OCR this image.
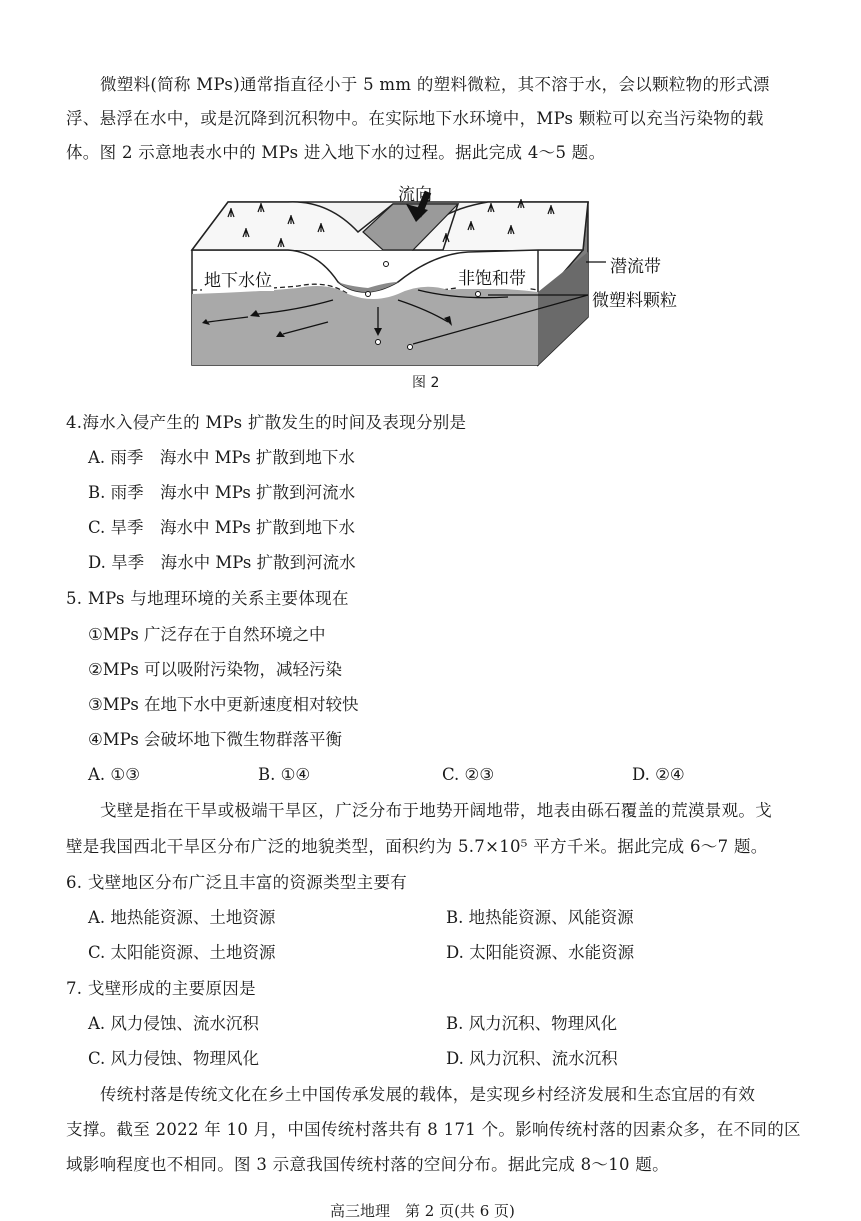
微塑料(简称 MPs)通常指直径小于 5 mm 的塑料微粒，其不溶于水，会以颗粒物的形式漂
浮、悬浮在水中，或是沉降到沉积物中。在实际地下水环境中，MPs 颗粒可以充当污染物的载
体。图 2 示意地表水中的 MPs 进入地下水的过程。据此完成 4～5 题。
流向
地下水位	非饱和带
潜流带
微塑料颗粒
图 2
4.海水入侵产生的 MPs 扩散发生的时间及表现分别是
A. 雨季　海水中 MPs 扩散到地下水
B. 雨季　海水中 MPs 扩散到河流水
C. 旱季　海水中 MPs 扩散到地下水
D. 旱季　海水中 MPs 扩散到河流水
5. MPs 与地理环境的关系主要体现在
①MPs 广泛存在于自然环境之中
②MPs 可以吸附污染物，减轻污染
③MPs 在地下水中更新速度相对较快
④MPs 会破坏地下微生物群落平衡
A. ①③	B. ①④	C. ②③	D. ②④
戈壁是指在干旱或极端干旱区，广泛分布于地势开阔地带，地表由砾石覆盖的荒漠景观。戈
壁是我国西北干旱区分布广泛的地貌类型，面积约为 5.7×10⁵ 平方千米。据此完成 6～7 题。
6. 戈壁地区分布广泛且丰富的资源类型主要有
A. 地热能资源、土地资源	B. 地热能资源、风能资源
C. 太阳能资源、土地资源	D. 太阳能资源、水能资源
7. 戈壁形成的主要原因是
A. 风力侵蚀、流水沉积	B. 风力沉积、物理风化
C. 风力侵蚀、物理风化	D. 风力沉积、流水沉积
传统村落是传统文化在乡土中国传承发展的载体，是实现乡村经济发展和生态宜居的有效
支撑。截至 2022 年 10 月，中国传统村落共有 8 171 个。影响传统村落的因素众多，在不同的区
域影响程度也不相同。图 3 示意我国传统村落的空间分布。据此完成 8～10 题。
高三地理　第 2 页(共 6 页)
